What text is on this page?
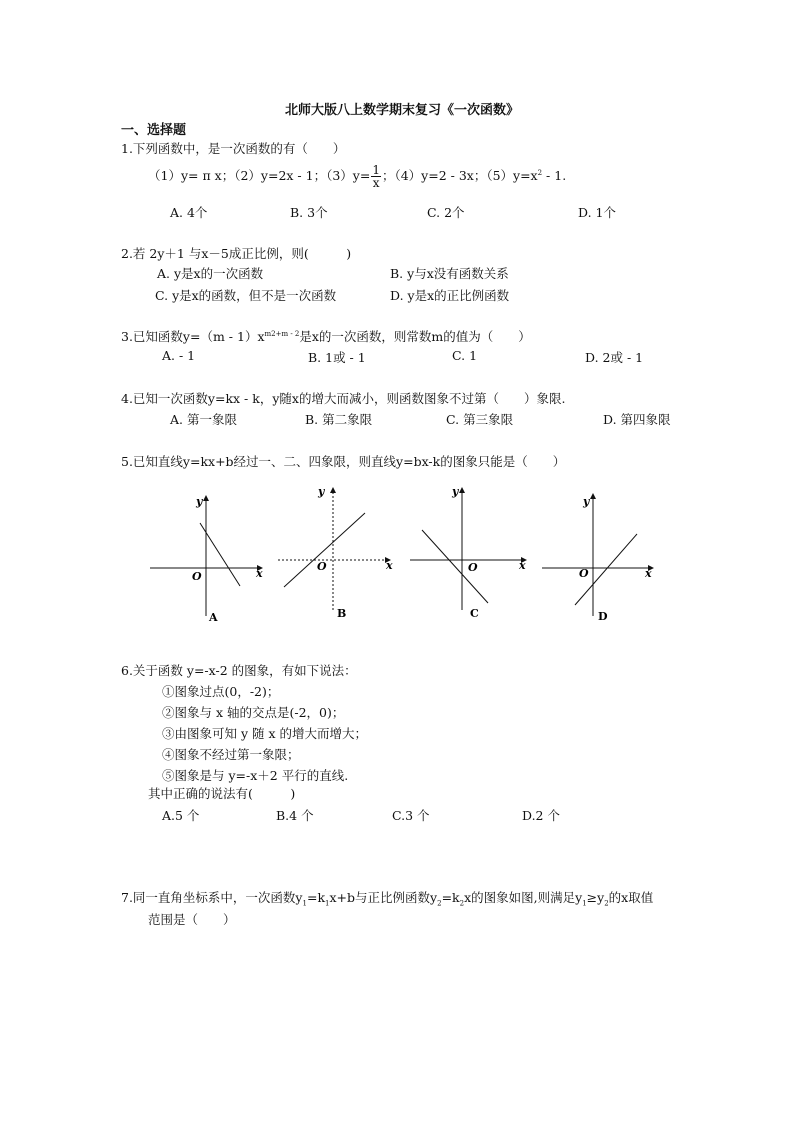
北师大版八上数学期末复习《一次函数》
一、选择题
1.下列函数中，是一次函数的有（　　）
（1）y= π x；（2）y=2x - 1；$(3)y= \frac{1}{x}$ ；（4）y=2 - 3x；$(5)y=x^2 - 1$.
A. 4个	B. 3个	C. 2个	D. 1个
2.若 2y＋1 与x－5成正比例，则(　　　)
A. y是x的一次函数	B. y与x没有函数关系
C. y是x的函数，但不是一次函数	D. y是x的正比例函数
3.已知函数$y=(m - 1)x^{m2+m - 2}$是x的一次函数，则常数m的值为（　　）
A. - 1	B. 1或 - 1	C. 1	D. 2或 - 1
4.已知一次函数y=kx - k，y随x的增大而减小，则函数图象不过第（　　）象限.
A. 第一象限	B. 第二象限	C. 第三象限	D. 第四象限
5.已知直线y=kx+b经过一、二、四象限，则直线y=bx-k的图象只能是（　　）
y
O	x
A
y
O	x
B
y
O	x
C
y
O	x
D
6.关于函数 y=-x-2 的图象，有如下说法：
①图象过点(0，-2)；
②图象与 x 轴的交点是(-2，0)；
③由图象可知 y 随 x 的增大而增大；
④图象不经过第一象限；
⑤图象是与 y=-x＋2 平行的直线.
其中正确的说法有(　　　)
A.5 个	B.4 个	C.3 个	D.2 个
7.同一直角坐标系中，一次函数$y_1=k_1x+b$与正比例函数$y_2=k_2x$的图象如图,则满足$y_1\ge y_2$的x取值
范围是（　　）
